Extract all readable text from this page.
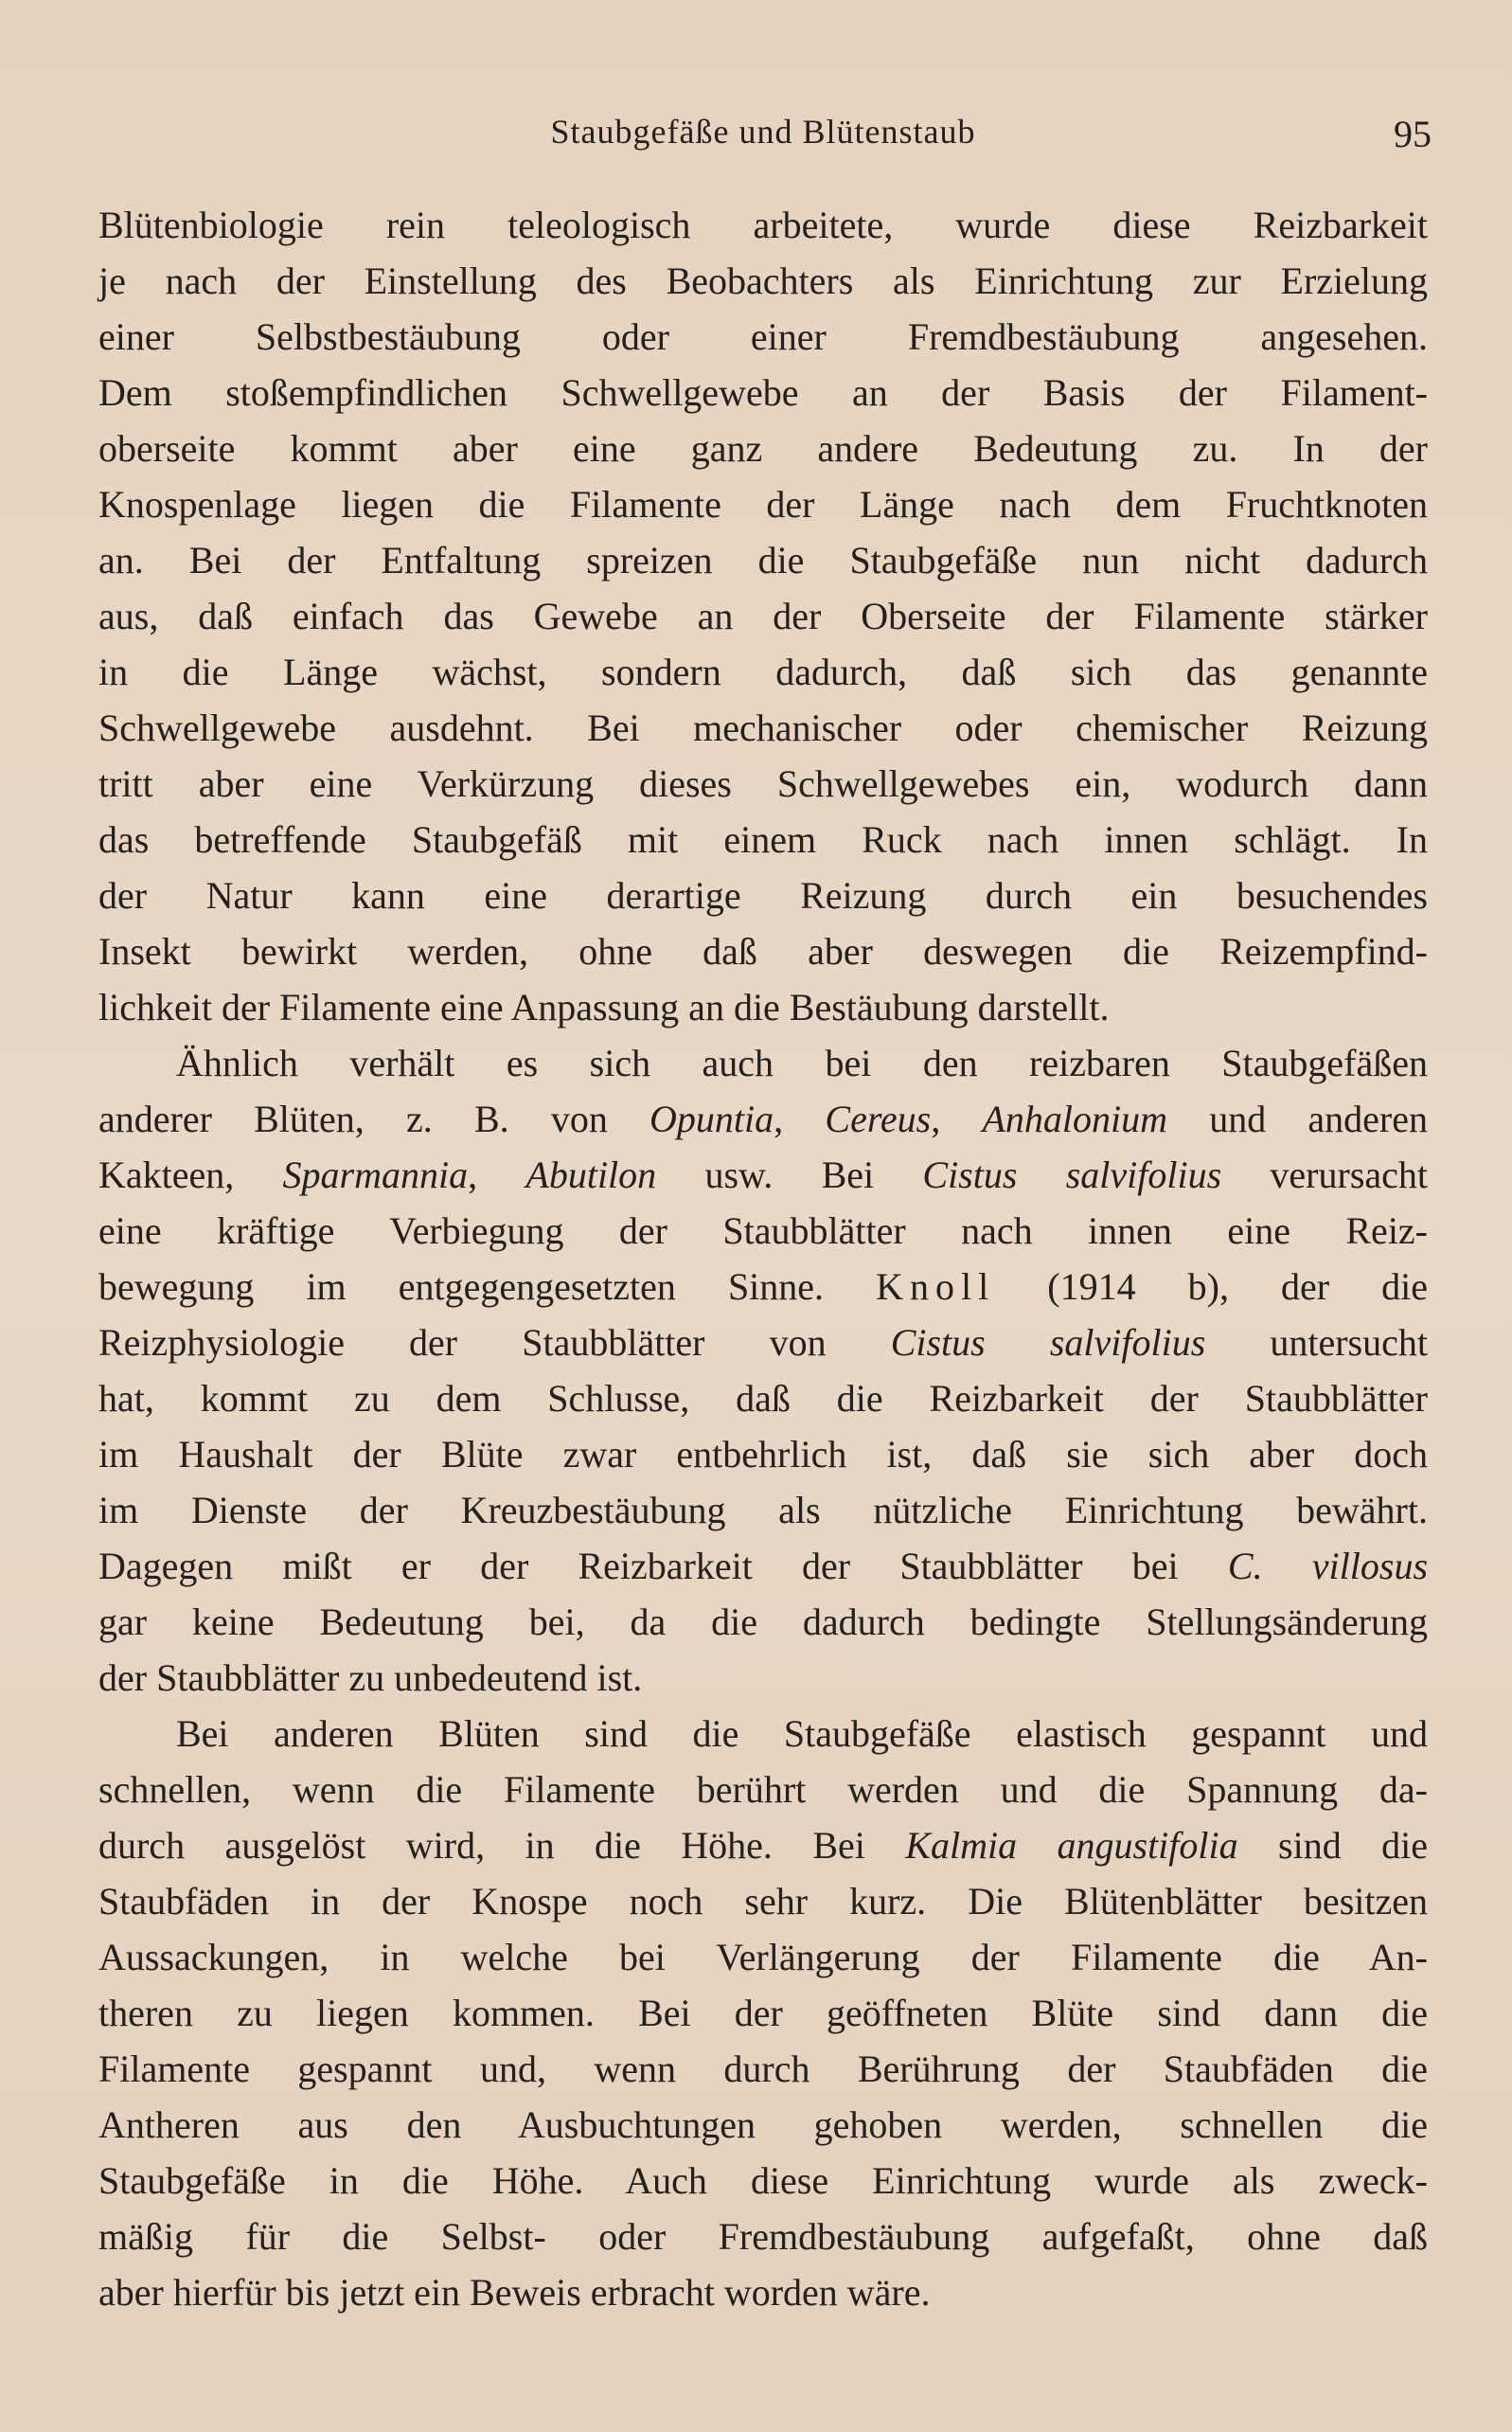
Staubgefäße und Blütenstaub	95
Blütenbiologie rein teleologisch arbeitete, wurde diese Reizbarkeit
je nach der Einstellung des Beobachters als Einrichtung zur Erzielung
einer Selbstbestäubung oder einer Fremdbestäubung angesehen.
Dem stoßempfindlichen Schwellgewebe an der Basis der Filament-
oberseite kommt aber eine ganz andere Bedeutung zu. In der
Knospenlage liegen die Filamente der Länge nach dem Fruchtknoten
an. Bei der Entfaltung spreizen die Staubgefäße nun nicht dadurch
aus, daß einfach das Gewebe an der Oberseite der Filamente stärker
in die Länge wächst, sondern dadurch, daß sich das genannte
Schwellgewebe ausdehnt. Bei mechanischer oder chemischer Reizung
tritt aber eine Verkürzung dieses Schwellgewebes ein, wodurch dann
das betreffende Staubgefäß mit einem Ruck nach innen schlägt. In
der Natur kann eine derartige Reizung durch ein besuchendes
Insekt bewirkt werden, ohne daß aber deswegen die Reizempfind-
lichkeit der Filamente eine Anpassung an die Bestäubung darstellt.
Ähnlich verhält es sich auch bei den reizbaren Staubgefäßen
anderer Blüten, z. B. von Opuntia, Cereus, Anhalonium und anderen
Kakteen, Sparmannia, Abutilon usw. Bei Cistus salvifolius verursacht
eine kräftige Verbiegung der Staubblätter nach innen eine Reiz-
bewegung im entgegengesetzten Sinne. Knoll (1914 b), der die
Reizphysiologie der Staubblätter von Cistus salvifolius untersucht
hat, kommt zu dem Schlusse, daß die Reizbarkeit der Staubblätter
im Haushalt der Blüte zwar entbehrlich ist, daß sie sich aber doch
im Dienste der Kreuzbestäubung als nützliche Einrichtung bewährt.
Dagegen mißt er der Reizbarkeit der Staubblätter bei C. villosus
gar keine Bedeutung bei, da die dadurch bedingte Stellungsänderung
der Staubblätter zu unbedeutend ist.
Bei anderen Blüten sind die Staubgefäße elastisch gespannt und
schnellen, wenn die Filamente berührt werden und die Spannung da-
durch ausgelöst wird, in die Höhe. Bei Kalmia angustifolia sind die
Staubfäden in der Knospe noch sehr kurz. Die Blütenblätter besitzen
Aussackungen, in welche bei Verlängerung der Filamente die An-
theren zu liegen kommen. Bei der geöffneten Blüte sind dann die
Filamente gespannt und, wenn durch Berührung der Staubfäden die
Antheren aus den Ausbuchtungen gehoben werden, schnellen die
Staubgefäße in die Höhe. Auch diese Einrichtung wurde als zweck-
mäßig für die Selbst- oder Fremdbestäubung aufgefaßt, ohne daß
aber hierfür bis jetzt ein Beweis erbracht worden wäre.
